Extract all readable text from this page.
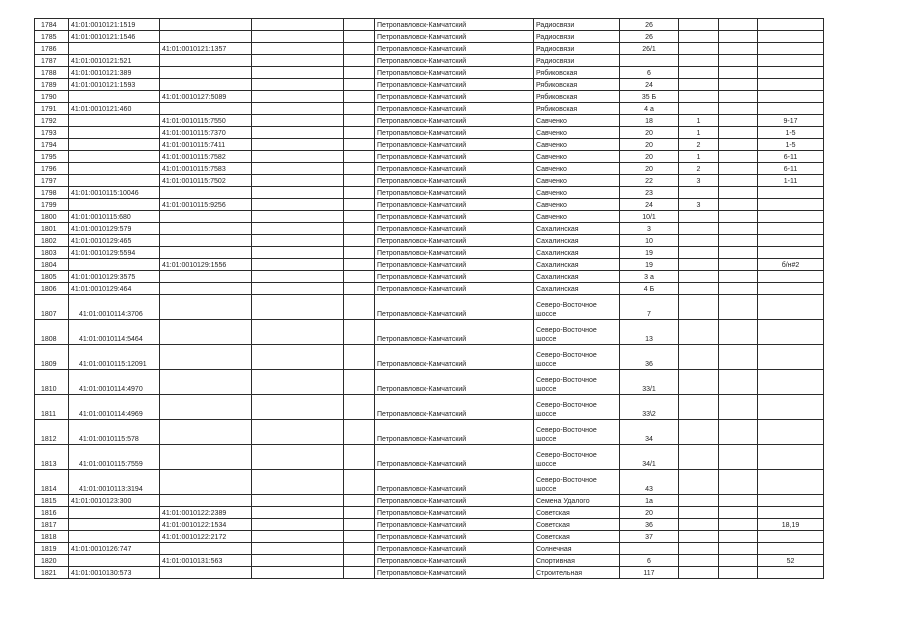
1784	41:01:0010121:1519				Петропавловск-Камчатский	Радиосвязи	26			
1785	41:01:0010121:1546				Петропавловск-Камчатский	Радиосвязи	26			
1786		41:01:0010121:1357			Петропавловск-Камчатский	Радиосвязи	26/1			
1787	41:01:0010121:521				Петропавловск-Камчатский	Радиосвязи				
1788	41:01:0010121:389				Петропавловск-Камчатский	Рябиковская	6			
1789	41:01:0010121:1593				Петропавловск-Камчатский	Рябиковская	24			
1790		41:01:0010127:5089			Петропавловск-Камчатский	Рябиковская	35 Б			
1791	41:01:0010121:460				Петропавловск-Камчатский	Рябиковская	4 а			
1792		41:01:0010115:7550			Петропавловск-Камчатский	Савченко	18	1		9-17
1793		41:01:0010115:7370			Петропавловск-Камчатский	Савченко	20	1		1-5
1794		41:01:0010115:7411			Петропавловск-Камчатский	Савченко	20	2		1-5
1795		41:01:0010115:7582			Петропавловск-Камчатский	Савченко	20	1		6-11
1796		41:01:0010115:7583			Петропавловск-Камчатский	Савченко	20	2		6-11
1797		41:01:0010115:7502			Петропавловск-Камчатский	Савченко	22	3		1-11
1798	41:01:0010115:10046				Петропавловск-Камчатский	Савченко	23			
1799		41:01:0010115:9256			Петропавловск-Камчатский	Савченко	24	3		
1800	41:01:0010115:680				Петропавловск-Камчатский	Савченко	10/1			
1801	41:01:0010129:579				Петропавловск-Камчатский	Сахалинская	3			
1802	41:01:0010129:465				Петропавловск-Камчатский	Сахалинская	10			
1803	41:01:0010129:5594				Петропавловск-Камчатский	Сахалинская	19			
1804		41:01:0010129:1556			Петропавловск-Камчатский	Сахалинская	19			б/н#2
1805	41:01:0010129:3575				Петропавловск-Камчатский	Сахалинская	3 а			
1806	41:01:0010129:464				Петропавловск-Камчатский	Сахалинская	4 Б			
1807	41:01:0010114:3706				Петропавловск-Камчатский	Северо-Восточное шоссе	7			
1808	41:01:0010114:5464				Петропавловск-Камчатский	Северо-Восточное шоссе	13			
1809	41:01:0010115:12091				Петропавловск-Камчатский	Северо-Восточное шоссе	36			
1810	41:01:0010114:4970				Петропавловск-Камчатский	Северо-Восточное шоссе	33/1			
1811	41:01:0010114:4969				Петропавловск-Камчатский	Северо-Восточное шоссе	33\2			
1812	41:01:0010115:578				Петропавловск-Камчатский	Северо-Восточное шоссе	34			
1813	41:01:0010115:7559				Петропавловск-Камчатский	Северо-Восточное шоссе	34/1			
1814	41:01:0010113:3194				Петропавловск-Камчатский	Северо-Восточное шоссе	43			
1815	41:01:0010123:300				Петропавловск-Камчатский	Семена Удалого	1а			
1816		41:01:0010122:2389			Петропавловск-Камчатский	Советская	20			
1817		41:01:0010122:1534			Петропавловск-Камчатский	Советская	36			18,19
1818		41:01:0010122:2172			Петропавловск-Камчатский	Советская	37			
1819	41:01:0010126:747				Петропавловск-Камчатский	Солнечная				
1820		41:01:0010131:563			Петропавловск-Камчатский	Спортивная	6			52
1821	41:01:0010130:573				Петропавловск-Камчатский	Строительная	117			
